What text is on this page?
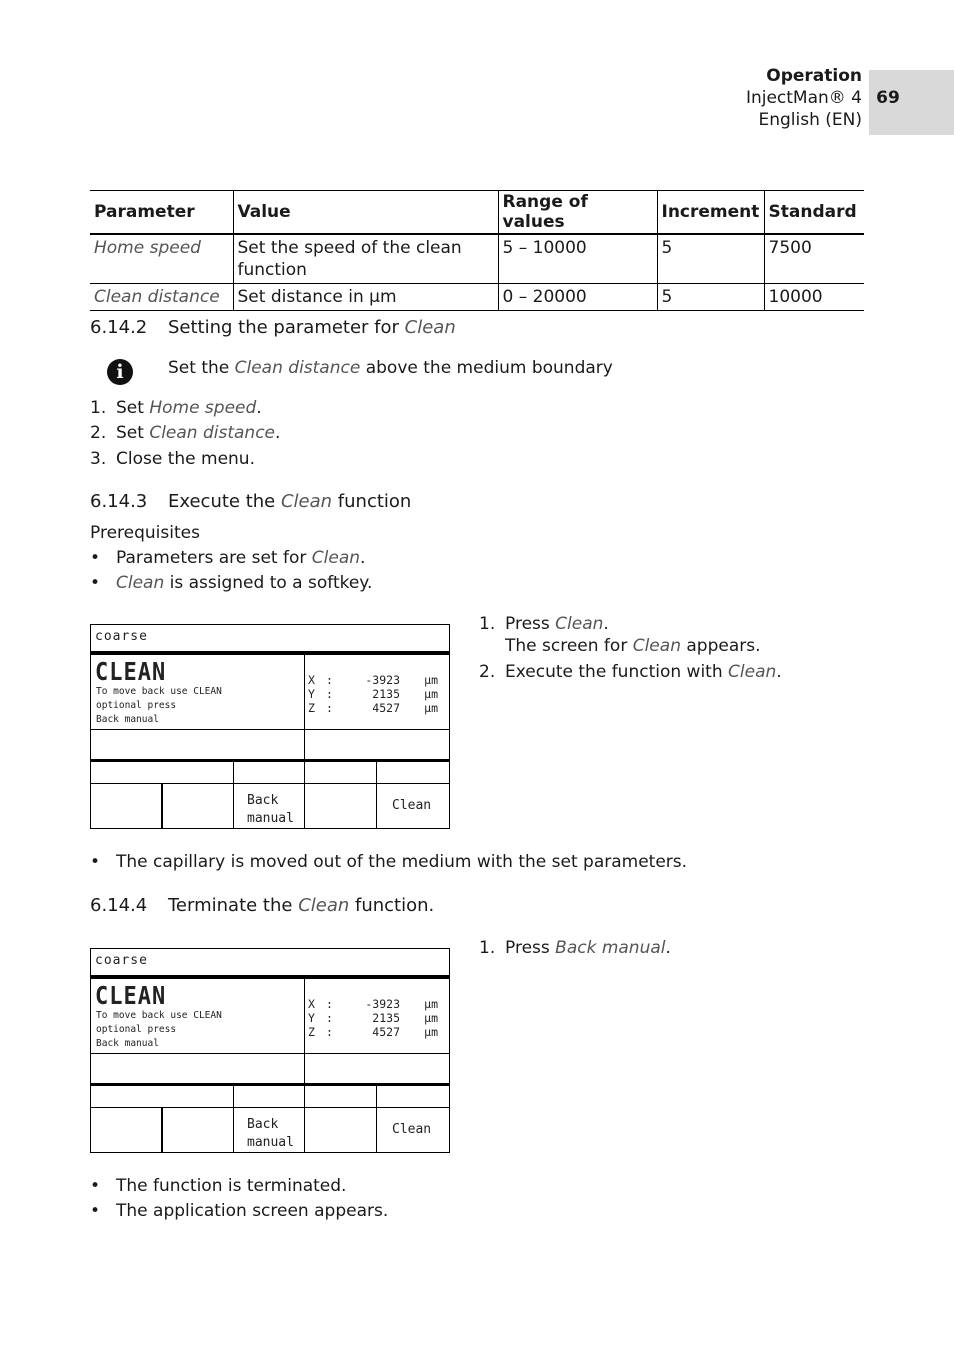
69
Operation
InjectMan® 4
English (EN)
Parameter	Value	Range of values	Increment	Standard
Home speed	Set the speed of the clean function	5 – 10000	5	7500
Clean distance	Set distance in µm	0 – 20000	5	10000
6.14.2 Setting the parameter for Clean
i	Set the Clean distance above the medium boundary
1. Set Home speed.
2. Set Clean distance.
3. Close the menu.
6.14.3 Execute the Clean function
Prerequisites
• Parameters are set for Clean.
• Clean is assigned to a softkey.
coarse
CLEAN
To move back use CLEAN
optional press
Back manual
X :	-3923 µm
Y :	2135 µm
Z :	4527 µm
Back
manual
Clean
1. Press Clean.
The screen for Clean appears.
2. Execute the function with Clean.
• The capillary is moved out of the medium with the set parameters.
6.14.4 Terminate the Clean function.
coarse
CLEAN
To move back use CLEAN
optional press
Back manual
X :	-3923 µm
Y :	2135 µm
Z :	4527 µm
Back
manual
Clean
1. Press Back manual.
• The function is terminated.
• The application screen appears.
